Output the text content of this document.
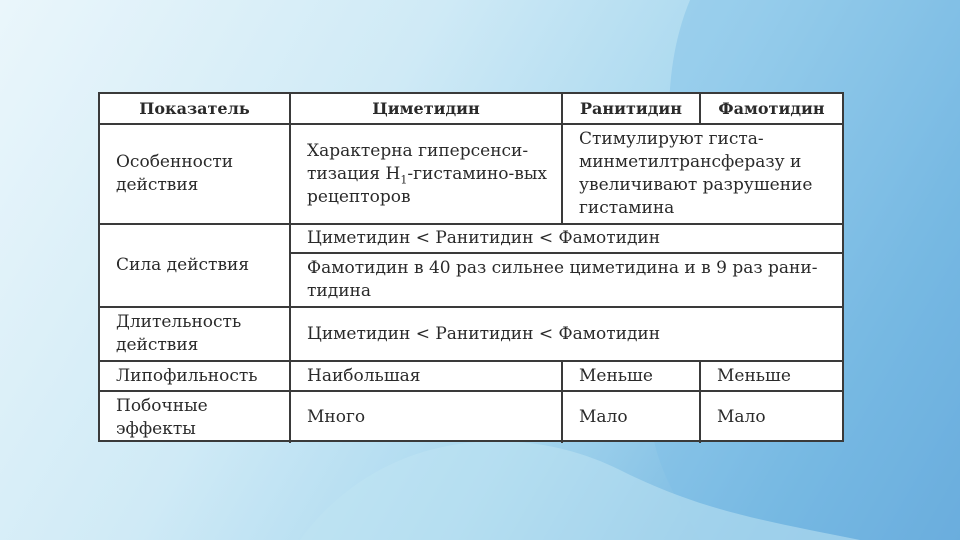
Показатель	Циметидин	Ранитидин	Фамотидин
Особенности действия	Характерна гиперсенси-тизация $H_1-гистамино$-вых рецепторов	Стимулируют гиста-минметилтрансферазу и увеличивают разрушение гистамина	
Сила действия	Циметидин < Ранитидин < Фамотидин		
	Фамотидин в 40 раз сильнее циметидина и в 9 раз рани-тидина		
Длительность действия	Циметидин < Ранитидин < Фамотидин		
Липофильность	Наибольшая	Меньше	Меньше
Побочные эффекты	Много	Мало	Мало
